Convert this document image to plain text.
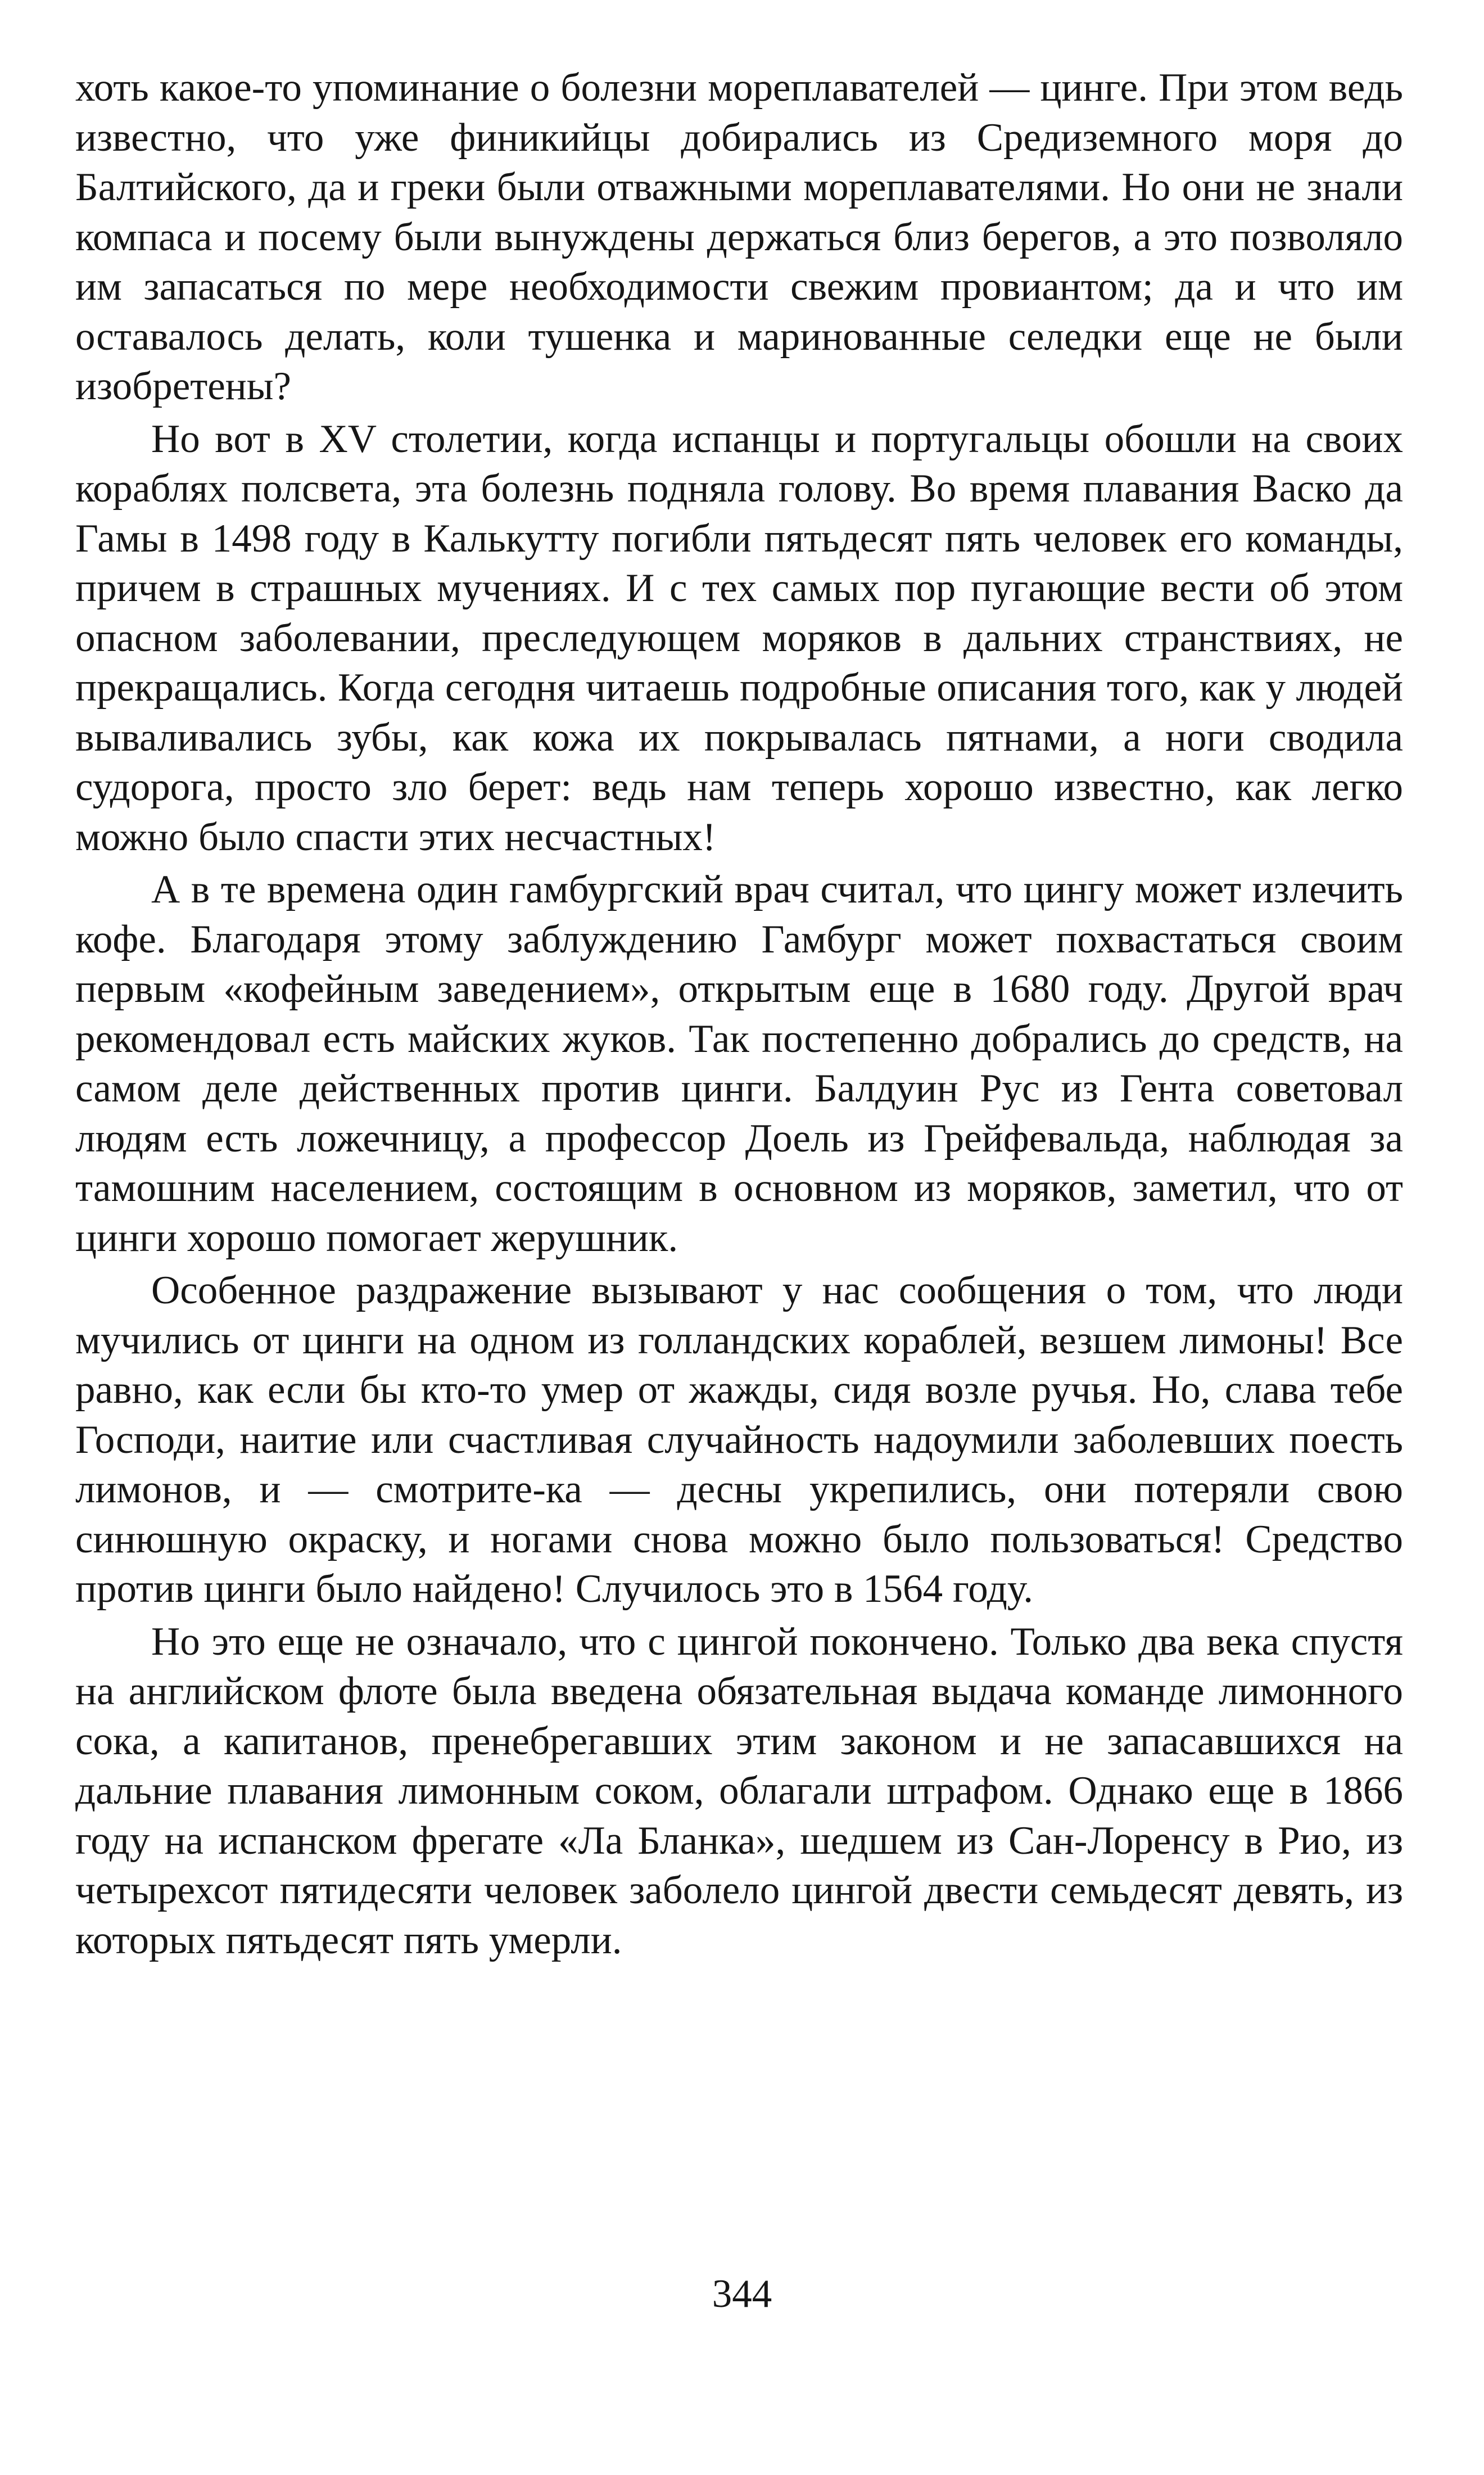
хоть какое-то упоминание о болезни мореплавателей — цинге. При этом ведь известно, что уже финикийцы добирались из Средиземного моря до Балтийского, да и греки были отважными мореплавателями. Но они не знали компаса и посему были вынуждены держаться близ берегов, а это позволяло им запасаться по мере необходимости свежим провиантом; да и что им оставалось делать, коли тушенка и маринованные селедки еще не были изобретены?

Но вот в XV столетии, когда испанцы и португальцы обошли на своих кораблях полсвета, эта болезнь подняла голову. Во время плавания Васко да Гамы в 1498 году в Калькутту погибли пятьдесят пять человек его команды, причем в страшных мучениях. И с тех самых пор пугающие вести об этом опасном заболевании, преследующем моряков в дальних странствиях, не прекращались. Когда сегодня читаешь подробные описания того, как у людей вываливались зубы, как кожа их покрывалась пятнами, а ноги сводила судорога, просто зло берет: ведь нам теперь хорошо известно, как легко можно было спасти этих несчастных!

А в те времена один гамбургский врач считал, что цингу может излечить кофе. Благодаря этому заблуждению Гамбург может похвастаться своим первым «кофейным заведением», открытым еще в 1680 году. Другой врач рекомендовал есть майских жуков. Так постепенно добрались до средств, на самом деле действенных против цинги. Балдуин Рус из Гента советовал людям есть ложечницу, а профессор Доель из Грейфевальда, наблюдая за тамошним населением, состоящим в основном из моряков, заметил, что от цинги хорошо помогает жерушник.

Особенное раздражение вызывают у нас сообщения о том, что люди мучились от цинги на одном из голландских кораблей, везшем лимоны! Все равно, как если бы кто-то умер от жажды, сидя возле ручья. Но, слава тебе Господи, наитие или счастливая случайность надоумили заболевших поесть лимонов, и — смотрите-ка — десны укрепились, они потеряли свою синюшную окраску, и ногами снова можно было пользоваться! Средство против цинги было найдено! Случилось это в 1564 году.

Но это еще не означало, что с цингой покончено. Только два века спустя на английском флоте была введена обязательная выдача команде лимонного сока, а капитанов, пренебрегавших этим законом и не запасавшихся на дальние плавания лимонным соком, облагали штрафом. Однако еще в 1866 году на испанском фрегате «Ла Бланка», шедшем из Сан-Лоренсу в Рио, из четырехсот пятидесяти человек заболело цингой двести семьдесят девять, из которых пятьдесят пять умерли.

344
